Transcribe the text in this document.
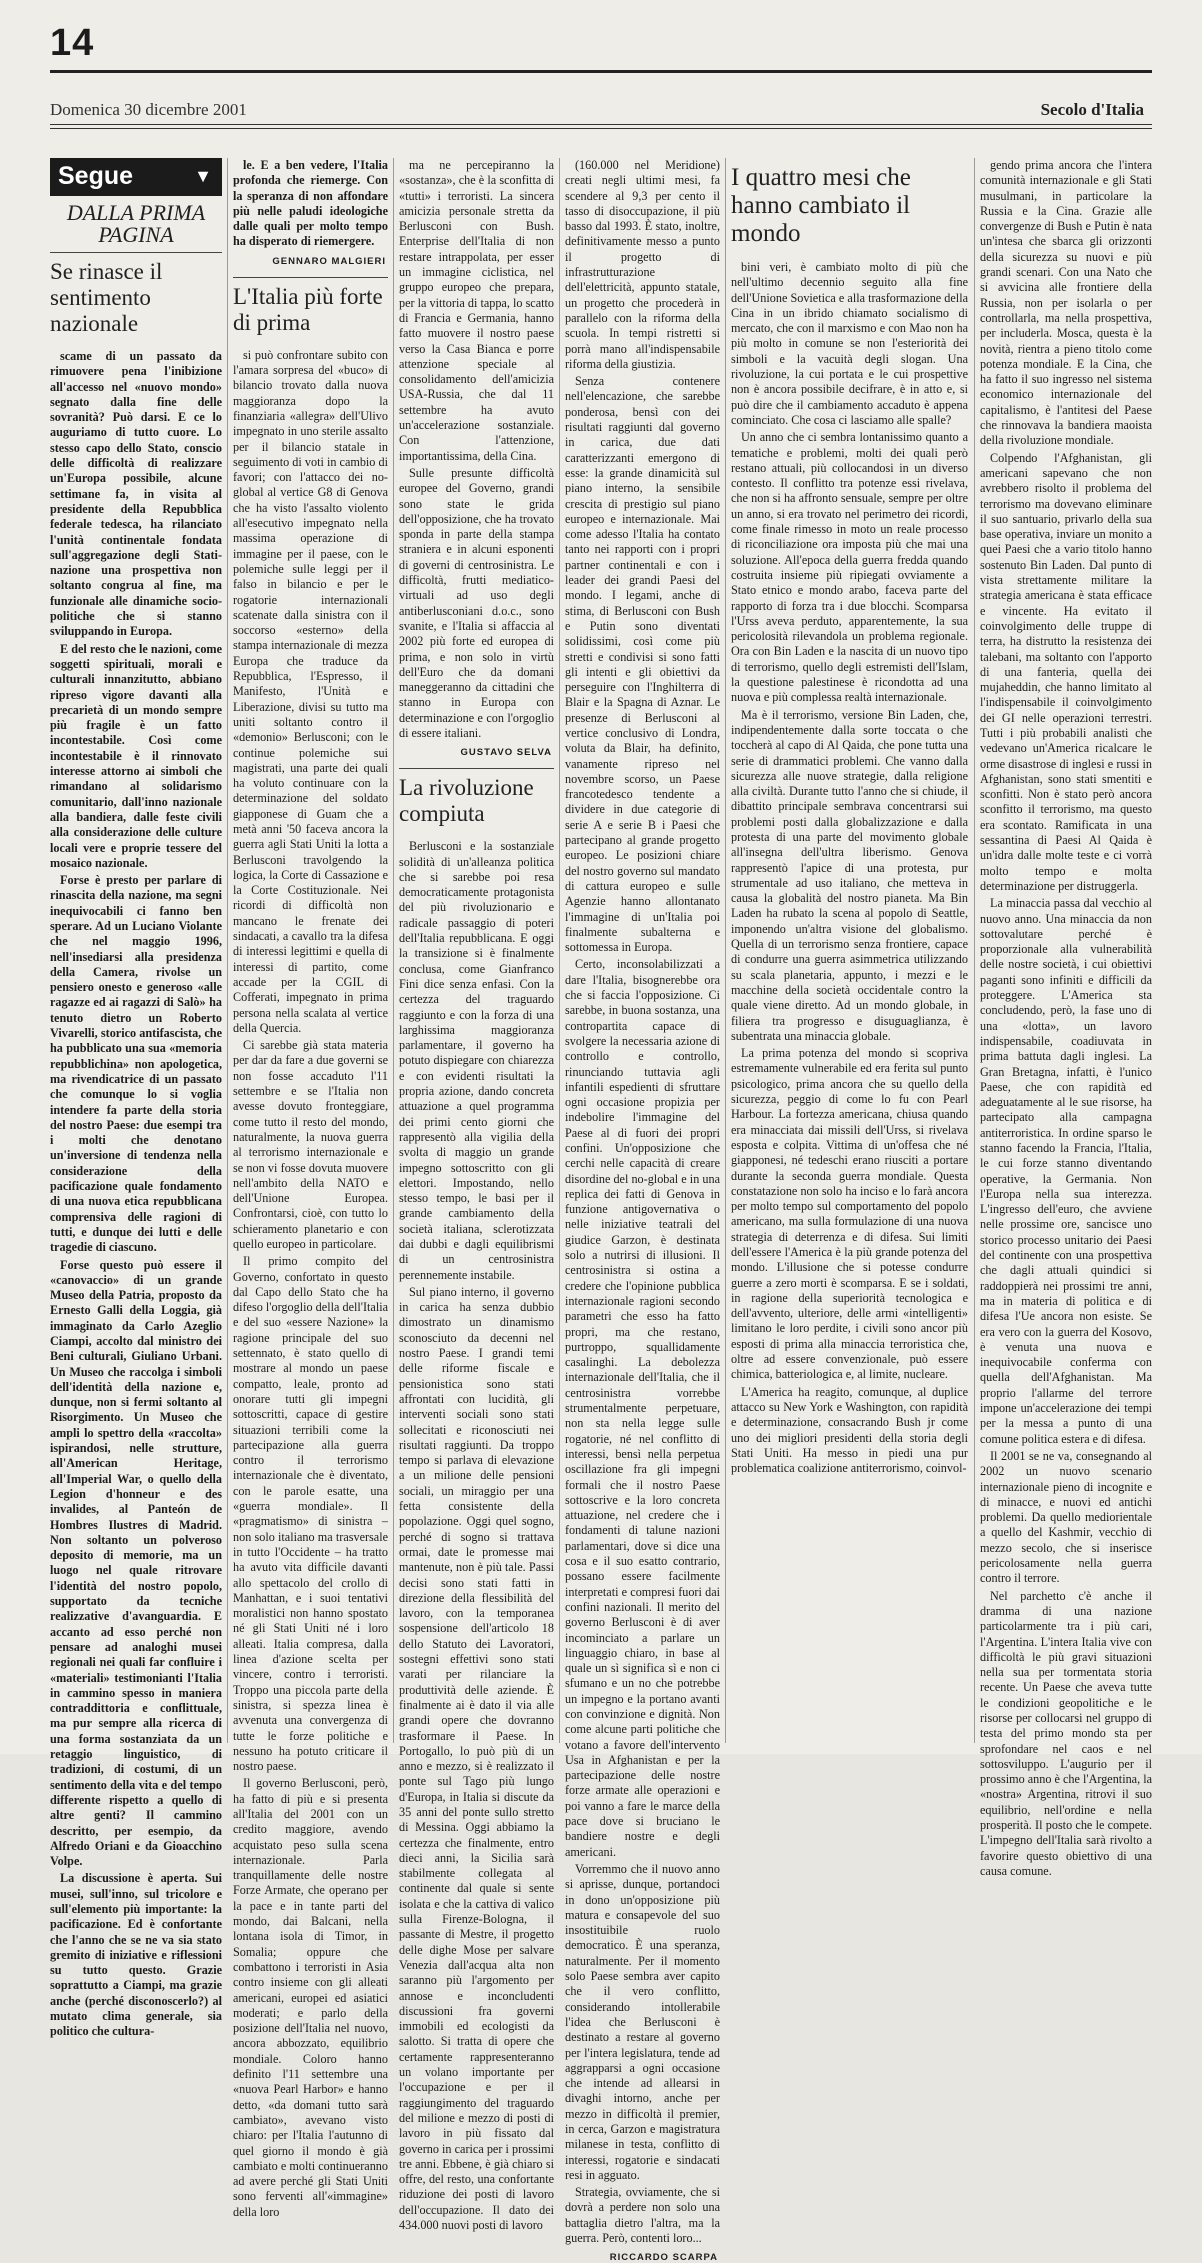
14
Domenica 30 dicembre 2001	Secolo d'Italia
Segue	▼
DALLA PRIMA PAGINA
Se rinasce il sentimento nazionale

scame di un passato da rimuovere pena l'inibizione all'accesso nel «nuovo mondo» segnato dalla fine delle sovranità? Può darsi. E ce lo auguriamo di tutto cuore. Lo stesso capo dello Stato, conscio delle difficoltà di realizzare un'Europa possibile, alcune settimane fa, in visita al presidente della Repubblica federale tedesca, ha rilanciato l'unità continentale fondata sull'aggregazione degli Stati-nazione una prospettiva non soltanto congrua al fine, ma funzionale alle dinamiche socio-politiche che si stanno sviluppando in Europa.

E del resto che le nazioni, come soggetti spirituali, morali e culturali innanzitutto, abbiano ripreso vigore davanti alla precarietà di un mondo sempre più fragile è un fatto incontestabile. Così come incontestabile è il rinnovato interesse attorno ai simboli che rimandano al solidarismo comunitario, dall'inno nazionale alla bandiera, dalle feste civili alla considerazione delle culture locali vere e proprie tessere del mosaico nazionale.

Forse è presto per parlare di rinascita della nazione, ma segni inequivocabili ci fanno ben sperare. Ad un Luciano Violante che nel maggio 1996, nell'insediarsi alla presidenza della Camera, rivolse un pensiero onesto e generoso «alle ragazze ed ai ragazzi di Salò» ha tenuto dietro un Roberto Vivarelli, storico antifascista, che ha pubblicato una sua «memoria repubblichina» non apologetica, ma rivendicatrice di un passato che comunque lo si voglia intendere fa parte della storia del nostro Paese: due esempi tra i molti che denotano un'inversione di tendenza nella considerazione della pacificazione quale fondamento di una nuova etica repubblicana comprensiva delle ragioni di tutti, e dunque dei lutti e delle tragedie di ciascuno.

Forse questo può essere il «canovaccio» di un grande Museo della Patria, proposto da Ernesto Galli della Loggia, già immaginato da Carlo Azeglio Ciampi, accolto dal ministro dei Beni culturali, Giuliano Urbani. Un Museo che raccolga i simboli dell'identità della nazione e, dunque, non si fermi soltanto al Risorgimento. Un Museo che ampli lo spettro della «raccolta» ispirandosi, nelle strutture, all'American Heritage, all'Imperial War, o quello della Legion d'honneur e des invalides, al Panteón de Hombres Ilustres di Madrid. Non soltanto un polveroso deposito di memorie, ma un luogo nel quale ritrovare l'identità del nostro popolo, supportato da tecniche realizzative d'avanguardia. E accanto ad esso perché non pensare ad analoghi musei regionali nei quali far confluire i «materiali» testimonianti l'Italia in cammino spesso in maniera contraddittoria e conflittuale, ma pur sempre alla ricerca di una forma sostanziata da un retaggio linguistico, di tradizioni, di costumi, di un sentimento della vita e del tempo differente rispetto a quello di altre genti? Il cammino descritto, per esempio, da Alfredo Oriani e da Gioacchino Volpe.

La discussione è aperta. Sui musei, sull'inno, sul tricolore e sull'elemento più importante: la pacificazione. Ed è confortante che l'anno che se ne va sia stato gremito di iniziative e riflessioni su tutto questo. Grazie soprattutto a Ciampi, ma grazie anche (perché disconoscerlo?) al mutato clima generale, sia politico che cultura-

le. E a ben vedere, l'Italia profonda che riemerge. Con la speranza di non affondare più nelle paludi ideologiche dalle quali per molto tempo ha disperato di riemergere.

GENNARO MALGIERI
L'Italia più forte di prima

si può confrontare subito con l'amara sorpresa del «buco» di bilancio trovato dalla nuova maggioranza dopo la finanziaria «allegra» dell'Ulivo impegnato in uno sterile assalto per il bilancio statale in seguimento di voti in cambio di favori; con l'attacco dei no-global al vertice G8 di Genova che ha visto l'assalto violento all'esecutivo impegnato nella massima operazione di immagine per il paese, con le polemiche sulle leggi per il falso in bilancio e per le rogatorie internazionali scatenate dalla sinistra con il soccorso «esterno» della stampa internazionale di mezza Europa che traduce da Repubblica, l'Espresso, il Manifesto, l'Unità e Liberazione, divisi su tutto ma uniti soltanto contro il «demonio» Berlusconi; con le continue polemiche sui magistrati, una parte dei quali ha voluto continuare con la determinazione del soldato giapponese di Guam che a metà anni '50 faceva ancora la guerra agli Stati Uniti la lotta a Berlusconi travolgendo la logica, la Corte di Cassazione e la Corte Costituzionale. Nei ricordi di difficoltà non mancano le frenate dei sindacati, a cavallo tra la difesa di interessi legittimi e quella di interessi di partito, come accade per la CGIL di Cofferati, impegnato in prima persona nella scalata al vertice della Quercia.

Ci sarebbe già stata materia per dar da fare a due governi se non fosse accaduto l'11 settembre e se l'Italia non avesse dovuto fronteggiare, come tutto il resto del mondo, naturalmente, la nuova guerra al terrorismo internazionale e se non vi fosse dovuta muovere nell'ambito della NATO e dell'Unione Europea. Confrontarsi, cioè, con tutto lo schieramento planetario e con quello europeo in particolare.

Il primo compito del Governo, confortato in questo dal Capo dello Stato che ha difeso l'orgoglio della dell'Italia e del suo «essere Nazione» la ragione principale del suo settennato, è stato quello di mostrare al mondo un paese compatto, leale, pronto ad onorare tutti gli impegni sottoscritti, capace di gestire situazioni terribili come la partecipazione alla guerra contro il terrorismo internazionale che è diventato, con le parole esatte, una «guerra mondiale». Il «pragmatismo» di sinistra – non solo italiano ma trasversale in tutto l'Occidente – ha tratto ha avuto vita difficile davanti allo spettacolo del crollo di Manhattan, e i suoi tentativi moralistici non hanno spostato né gli Stati Uniti né i loro alleati. Italia compresa, dalla linea d'azione scelta per vincere, contro i terroristi. Troppo una piccola parte della sinistra, si spezza linea è avvenuta una convergenza di tutte le forze politiche e nessuno ha potuto criticare il nostro paese.

Il governo Berlusconi, però, ha fatto di più e si presenta all'Italia del 2001 con un credito maggiore, avendo acquistato peso sulla scena internazionale. Parla tranquillamente delle nostre Forze Armate, che operano per la pace e in tante parti del mondo, dai Balcani, nella lontana isola di Timor, in Somalia; oppure che combattono i terroristi in Asia contro insieme con gli alleati americani, europei ed asiatici moderati; e parlo della posizione dell'Italia nel nuovo, ancora abbozzato, equilibrio mondiale. Coloro hanno definito l'11 settembre una «nuova Pearl Harbor» e hanno detto, «da domani tutto sarà cambiato», avevano visto chiaro: per l'Italia l'autunno di quel giorno il mondo è già cambiato e molti continueranno ad avere perché gli Stati Uniti sono ferventi all'«immagine» della loro

ma ne percepiranno la «sostanza», che è la sconfitta di «tutti» i terroristi. La sincera amicizia personale stretta da Berlusconi con Bush. Enterprise dell'Italia di non restare intrappolata, per esser un immagine ciclistica, nel gruppo europeo che prepara, per la vittoria di tappa, lo scatto di Francia e Germania, hanno fatto muovere il nostro paese verso la Casa Bianca e porre attenzione speciale al consolidamento dell'amicizia USA-Russia, che dal 11 settembre ha avuto un'accelerazione sostanziale. Con l'attenzione, importantissima, della Cina.

Sulle presunte difficoltà europee del Governo, grandi sono state le grida dell'opposizione, che ha trovato sponda in parte della stampa straniera e in alcuni esponenti di governi di centrosinistra. Le difficoltà, frutti mediatico-virtuali ad uso degli antiberlusconiani d.o.c., sono svanite, e l'Italia si affaccia al 2002 più forte ed europea di prima, e non solo in virtù dell'Euro che da domani maneggeranno da cittadini che stanno in Europa con determinazione e con l'orgoglio di essere italiani.

GUSTAVO SELVA
La rivoluzione compiuta

Berlusconi e la sostanziale solidità di un'alleanza politica che si sarebbe poi resa democraticamente protagonista del più rivoluzionario e radicale passaggio di poteri dell'Italia repubblicana. E oggi la transizione si è finalmente conclusa, come Gianfranco Fini dice senza enfasi. Con la certezza del traguardo raggiunto e con la forza di una larghissima maggioranza parlamentare, il governo ha potuto dispiegare con chiarezza e con evidenti risultati la propria azione, dando concreta attuazione a quel programma dei primi cento giorni che rappresentò alla vigilia della svolta di maggio un grande impegno sottoscritto con gli elettori. Impostando, nello stesso tempo, le basi per il grande cambiamento della società italiana, sclerotizzata dai dubbi e dagli equilibrismi di un centrosinistra perennemente instabile.

Sul piano interno, il governo in carica ha senza dubbio dimostrato un dinamismo sconosciuto da decenni nel nostro Paese. I grandi temi delle riforme fiscale e pensionistica sono stati affrontati con lucidità, gli interventi sociali sono stati sollecitati e riconosciuti nei risultati raggiunti. Da troppo tempo si parlava di elevazione a un milione delle pensioni sociali, un miraggio per una fetta consistente della popolazione. Oggi quel sogno, perché di sogno si trattava ormai, date le promesse mai mantenute, non è più tale. Passi decisi sono stati fatti in direzione della flessibilità del lavoro, con la temporanea sospensione dell'articolo 18 dello Statuto dei Lavoratori, sostegni effettivi sono stati varati per rilanciare la produttività delle aziende. È finalmente ai è dato il via alle grandi opere che dovranno trasformare il Paese. In Portogallo, lo può più di un anno e mezzo, si è realizzato il ponte sul Tago più lungo d'Europa, in Italia si discute da 35 anni del ponte sullo stretto di Messina. Oggi abbiamo la certezza che finalmente, entro dieci anni, la Sicilia sarà stabilmente collegata al continente dal quale si sente isolata e che la cattiva di valico sulla Firenze-Bologna, il passante di Mestre, il progetto delle dighe Mose per salvare Venezia dall'acqua alta non saranno più l'argomento per annose e inconcludenti discussioni fra governi immobili ed ecologisti da salotto. Si tratta di opere che certamente rappresenteranno un volano importante per l'occupazione e per il raggiungimento del traguardo del milione e mezzo di posti di lavoro in più fissato dal governo in carica per i prossimi tre anni. Ebbene, è già chiaro si offre, del resto, una confortante riduzione dei posti di lavoro dell'occupazione. Il dato dei 434.000 nuovi posti di lavoro

(160.000 nel Meridione) creati negli ultimi mesi, fa scendere al 9,3 per cento il tasso di disoccupazione, il più basso dal 1993. È stato, inoltre, definitivamente messo a punto il progetto di infrastrutturazione dell'elettricità, appunto statale, un progetto che procederà in parallelo con la riforma della scuola. In tempi ristretti si porrà mano all'indispensabile riforma della giustizia.

Senza contenere nell'elencazione, che sarebbe ponderosa, bensì con dei risultati raggiunti dal governo in carica, due dati caratterizzanti emergono di esse: la grande dinamicità sul piano interno, la sensibile crescita di prestigio sul piano europeo e internazionale. Mai come adesso l'Italia ha contato tanto nei rapporti con i propri partner continentali e con i leader dei grandi Paesi del mondo. I legami, anche di stima, di Berlusconi con Bush e Putin sono diventati solidissimi, così come più stretti e condivisi si sono fatti gli intenti e gli obiettivi da perseguire con l'Inghilterra di Blair e la Spagna di Aznar. Le presenze di Berlusconi al vertice conclusivo di Londra, voluta da Blair, ha definito, vanamente ripreso nel novembre scorso, un Paese francotedesco tendente a dividere in due categorie di serie A e serie B i Paesi che partecipano al grande progetto europeo. Le posizioni chiare del nostro governo sul mandato di cattura europeo e sulle Agenzie hanno allontanato l'immagine di un'Italia poi finalmente subalterna e sottomessa in Europa.

Certo, inconsolabilizzati a dare l'Italia, bisognerebbe ora che si faccia l'opposizione. Ci sarebbe, in buona sostanza, una contropartita capace di svolgere la necessaria azione di controllo e controllo, rinunciando tuttavia agli infantili espedienti di sfruttare ogni occasione propizia per indebolire l'immagine del Paese al di fuori dei propri confini. Un'opposizione che cerchi nelle capacità di creare disordine del no-global e in una replica dei fatti di Genova in funzione antigovernativa o nelle iniziative teatrali del giudice Garzon, è destinata solo a nutrirsi di illusioni. Il centrosinistra si ostina a credere che l'opinione pubblica internazionale ragioni secondo parametri che esso ha fatto propri, ma che restano, purtroppo, squallidamente casalinghi. La debolezza internazionale dell'Italia, che il centrosinistra vorrebbe strumentalmente perpetuare, non sta nella legge sulle rogatorie, né nel conflitto di interessi, bensì nella perpetua oscillazione fra gli impegni formali che il nostro Paese sottoscrive e la loro concreta attuazione, nel credere che i fondamenti di talune nazioni parlamentari, dove si dice una cosa e il suo esatto contrario, possano essere facilmente interpretati e compresi fuori dai confini nazionali. Il merito del governo Berlusconi è di aver incominciato a parlare un linguaggio chiaro, in base al quale un sì significa sì e non ci sfumano e un no che potrebbe un impegno e la portano avanti con convinzione e dignità. Non come alcune parti politiche che votano a favore dell'intervento Usa in Afghanistan e per la partecipazione delle nostre forze armate alle operazioni e poi vanno a fare le marce della pace dove si bruciano le bandiere nostre e degli americani.

Vorremmo che il nuovo anno si aprisse, dunque, portandoci in dono un'opposizione più matura e consapevole del suo insostituibile ruolo democratico. È una speranza, naturalmente. Per il momento solo Paese sembra aver capito che il vero conflitto, considerando intollerabile l'idea che Berlusconi è destinato a restare al governo per l'intera legislatura, tende ad aggrapparsi a ogni occasione che intende ad allearsi in divaghi intorno, anche per mezzo in difficoltà il premier, in cerca, Garzon e magistratura milanese in testa, conflitto di interessi, rogatorie e sindacati resi in agguato.

Strategia, ovviamente, che si dovrà a perdere non solo una battaglia dietro l'altra, ma la guerra. Però, contenti loro...

RICCARDO SCARPA
I quattro mesi che hanno cambiato il mondo

bini veri, è cambiato molto di più che nell'ultimo decennio seguito alla fine dell'Unione Sovietica e alla trasformazione della Cina in un ibrido chiamato socialismo di mercato, che con il marxismo e con Mao non ha più molto in comune se non l'esteriorità dei simboli e la vacuità degli slogan. Una rivoluzione, la cui portata e le cui prospettive non è ancora possibile decifrare, è in atto e, si può dire che il cambiamento accaduto è appena cominciato. Che cosa ci lasciamo alle spalle?

Un anno che ci sembra lontanissimo quanto a tematiche e problemi, molti dei quali però restano attuali, più collocandosi in un diverso contesto. Il conflitto tra potenze essi rivelava, che non si ha affronto sensuale, sempre per oltre un anno, si era trovato nel perimetro dei ricordi, come finale rimesso in moto un reale processo di riconciliazione ora imposta più che mai una soluzione. All'epoca della guerra fredda quando costruita insieme più ripiegati ovviamente a Stato etnico e mondo arabo, faceva parte del rapporto di forza tra i due blocchi. Scomparsa l'Urss aveva perduto, apparentemente, la sua pericolosità rilevandola un problema regionale. Ora con Bin Laden e la nascita di un nuovo tipo di terrorismo, quello degli estremisti dell'Islam, la questione palestinese è ricondotta ad una nuova e più complessa realtà internazionale.

Ma è il terrorismo, versione Bin Laden, che, indipendentemente dalla sorte toccata o che toccherà al capo di Al Qaida, che pone tutta una serie di drammatici problemi. Che vanno dalla sicurezza alle nuove strategie, dalla religione alla civiltà. Durante tutto l'anno che si chiude, il dibattito principale sembrava concentrarsi sui problemi posti dalla globalizzazione e dalla protesta di una parte del movimento globale all'insegna dell'ultra liberismo. Genova rappresentò l'apice di una protesta, pur strumentale ad uso italiano, che metteva in causa la globalità del nostro pianeta. Ma Bin Laden ha rubato la scena al popolo di Seattle, imponendo un'altra visione del globalismo. Quella di un terrorismo senza frontiere, capace di condurre una guerra asimmetrica utilizzando su scala planetaria, appunto, i mezzi e le macchine della società occidentale contro la quale viene diretto. Ad un mondo globale, in filiera tra progresso e disuguaglianza, è subentrata una minaccia globale.

La prima potenza del mondo si scopriva estremamente vulnerabile ed era ferita sul punto psicologico, prima ancora che su quello della sicurezza, peggio di come lo fu con Pearl Harbour. La fortezza americana, chiusa quando era minacciata dai missili dell'Urss, si rivelava esposta e colpita. Vittima di un'offesa che né giapponesi, né tedeschi erano riusciti a portare durante la seconda guerra mondiale. Questa constatazione non solo ha inciso e lo farà ancora per molto tempo sul comportamento del popolo americano, ma sulla formulazione di una nuova strategia di deterrenza e di difesa. Sui limiti dell'essere l'America è la più grande potenza del mondo. L'illusione che si potesse condurre guerre a zero morti è scomparsa. E se i soldati, in ragione della superiorità tecnologica e dell'avvento, ulteriore, delle armi «intelligenti» limitano le loro perdite, i civili sono ancor più esposti di prima alla minaccia terroristica che, oltre ad essere convenzionale, può essere chimica, batteriologica e, al limite, nucleare.

L'America ha reagito, comunque, al duplice attacco su New York e Washington, con rapidità e determinazione, consacrando Bush jr come uno dei migliori presidenti della storia degli Stati Uniti. Ha messo in piedi una pur problematica coalizione antiterrorismo, coinvol-

gendo prima ancora che l'intera comunità internazionale e gli Stati musulmani, in particolare la Russia e la Cina. Grazie alle convergenze di Bush e Putin è nata un'intesa che sbarca gli orizzonti della sicurezza su nuovi e più grandi scenari. Con una Nato che si avvicina alle frontiere della Russia, non per isolarla o per controllarla, ma nella prospettiva, per includerla. Mosca, questa è la novità, rientra a pieno titolo come potenza mondiale. E la Cina, che ha fatto il suo ingresso nel sistema economico internazionale del capitalismo, è l'antitesi del Paese che rinnovava la bandiera maoista della rivoluzione mondiale.

Colpendo l'Afghanistan, gli americani sapevano che non avrebbero risolto il problema del terrorismo ma dovevano eliminare il suo santuario, privarlo della sua base operativa, inviare un monito a quei Paesi che a vario titolo hanno sostenuto Bin Laden. Dal punto di vista strettamente militare la strategia americana è stata efficace e vincente. Ha evitato il coinvolgimento delle truppe di terra, ha distrutto la resistenza dei talebani, ma soltanto con l'apporto di una fanteria, quella dei mujaheddin, che hanno limitato al l'indispensabile il coinvolgimento dei GI nelle operazioni terrestri. Tutti i più probabili analisti che vedevano un'America ricalcare le orme disastrose di inglesi e russi in Afghanistan, sono stati smentiti e sconfitti. Non è stato però ancora sconfitto il terrorismo, ma questo era scontato. Ramificata in una sessantina di Paesi Al Qaida è un'idra dalle molte teste e ci vorrà molto tempo e molta determinazione per distruggerla.

La minaccia passa dal vecchio al nuovo anno. Una minaccia da non sottovalutare perché è proporzionale alla vulnerabilità delle nostre società, i cui obiettivi paganti sono infiniti e difficili da proteggere. L'America sta concludendo, però, la fase uno di una «lotta», un lavoro indispensabile, coadiuvata in prima battuta dagli inglesi. La Gran Bretagna, infatti, è l'unico Paese, che con rapidità ed adeguatamente al le sue risorse, ha partecipato alla campagna antiterroristica. In ordine sparso le stanno facendo la Francia, l'Italia, le cui forze stanno diventando operative, la Germania. Non l'Europa nella sua interezza. L'ingresso dell'euro, che avviene nelle prossime ore, sancisce uno storico processo unitario dei Paesi del continente con una prospettiva che dagli attuali quindici si raddoppierà nei prossimi tre anni, ma in materia di politica e di difesa l'Ue ancora non esiste. Se era vero con la guerra del Kosovo, è venuta una nuova e inequivocabile conferma con quella dell'Afghanistan. Ma proprio l'allarme del terrore impone un'accelerazione dei tempi per la messa a punto di una comune politica estera e di difesa.

Il 2001 se ne va, consegnando al 2002 un nuovo scenario internazionale pieno di incognite e di minacce, e nuovi ed antichi problemi. Da quello mediorientale a quello del Kashmir, vecchio di mezzo secolo, che si inserisce pericolosamente nella guerra contro il terrore.

Nel parchetto c'è anche il dramma di una nazione particolarmente tra i più cari, l'Argentina. L'intera Italia vive con difficoltà le più gravi situazioni nella sua per tormentata storia recente. Un Paese che aveva tutte le condizioni geopolitiche e le risorse per collocarsi nel gruppo di testa del primo mondo sta per sprofondare nel caos e nel sottosviluppo. L'augurio per il prossimo anno è che l'Argentina, la «nostra» Argentina, ritrovi il suo equilibrio, nell'ordine e nella prosperità. Il posto che le compete. L'impegno dell'Italia sarà rivolto a favorire questo obiettivo di una causa comune.
